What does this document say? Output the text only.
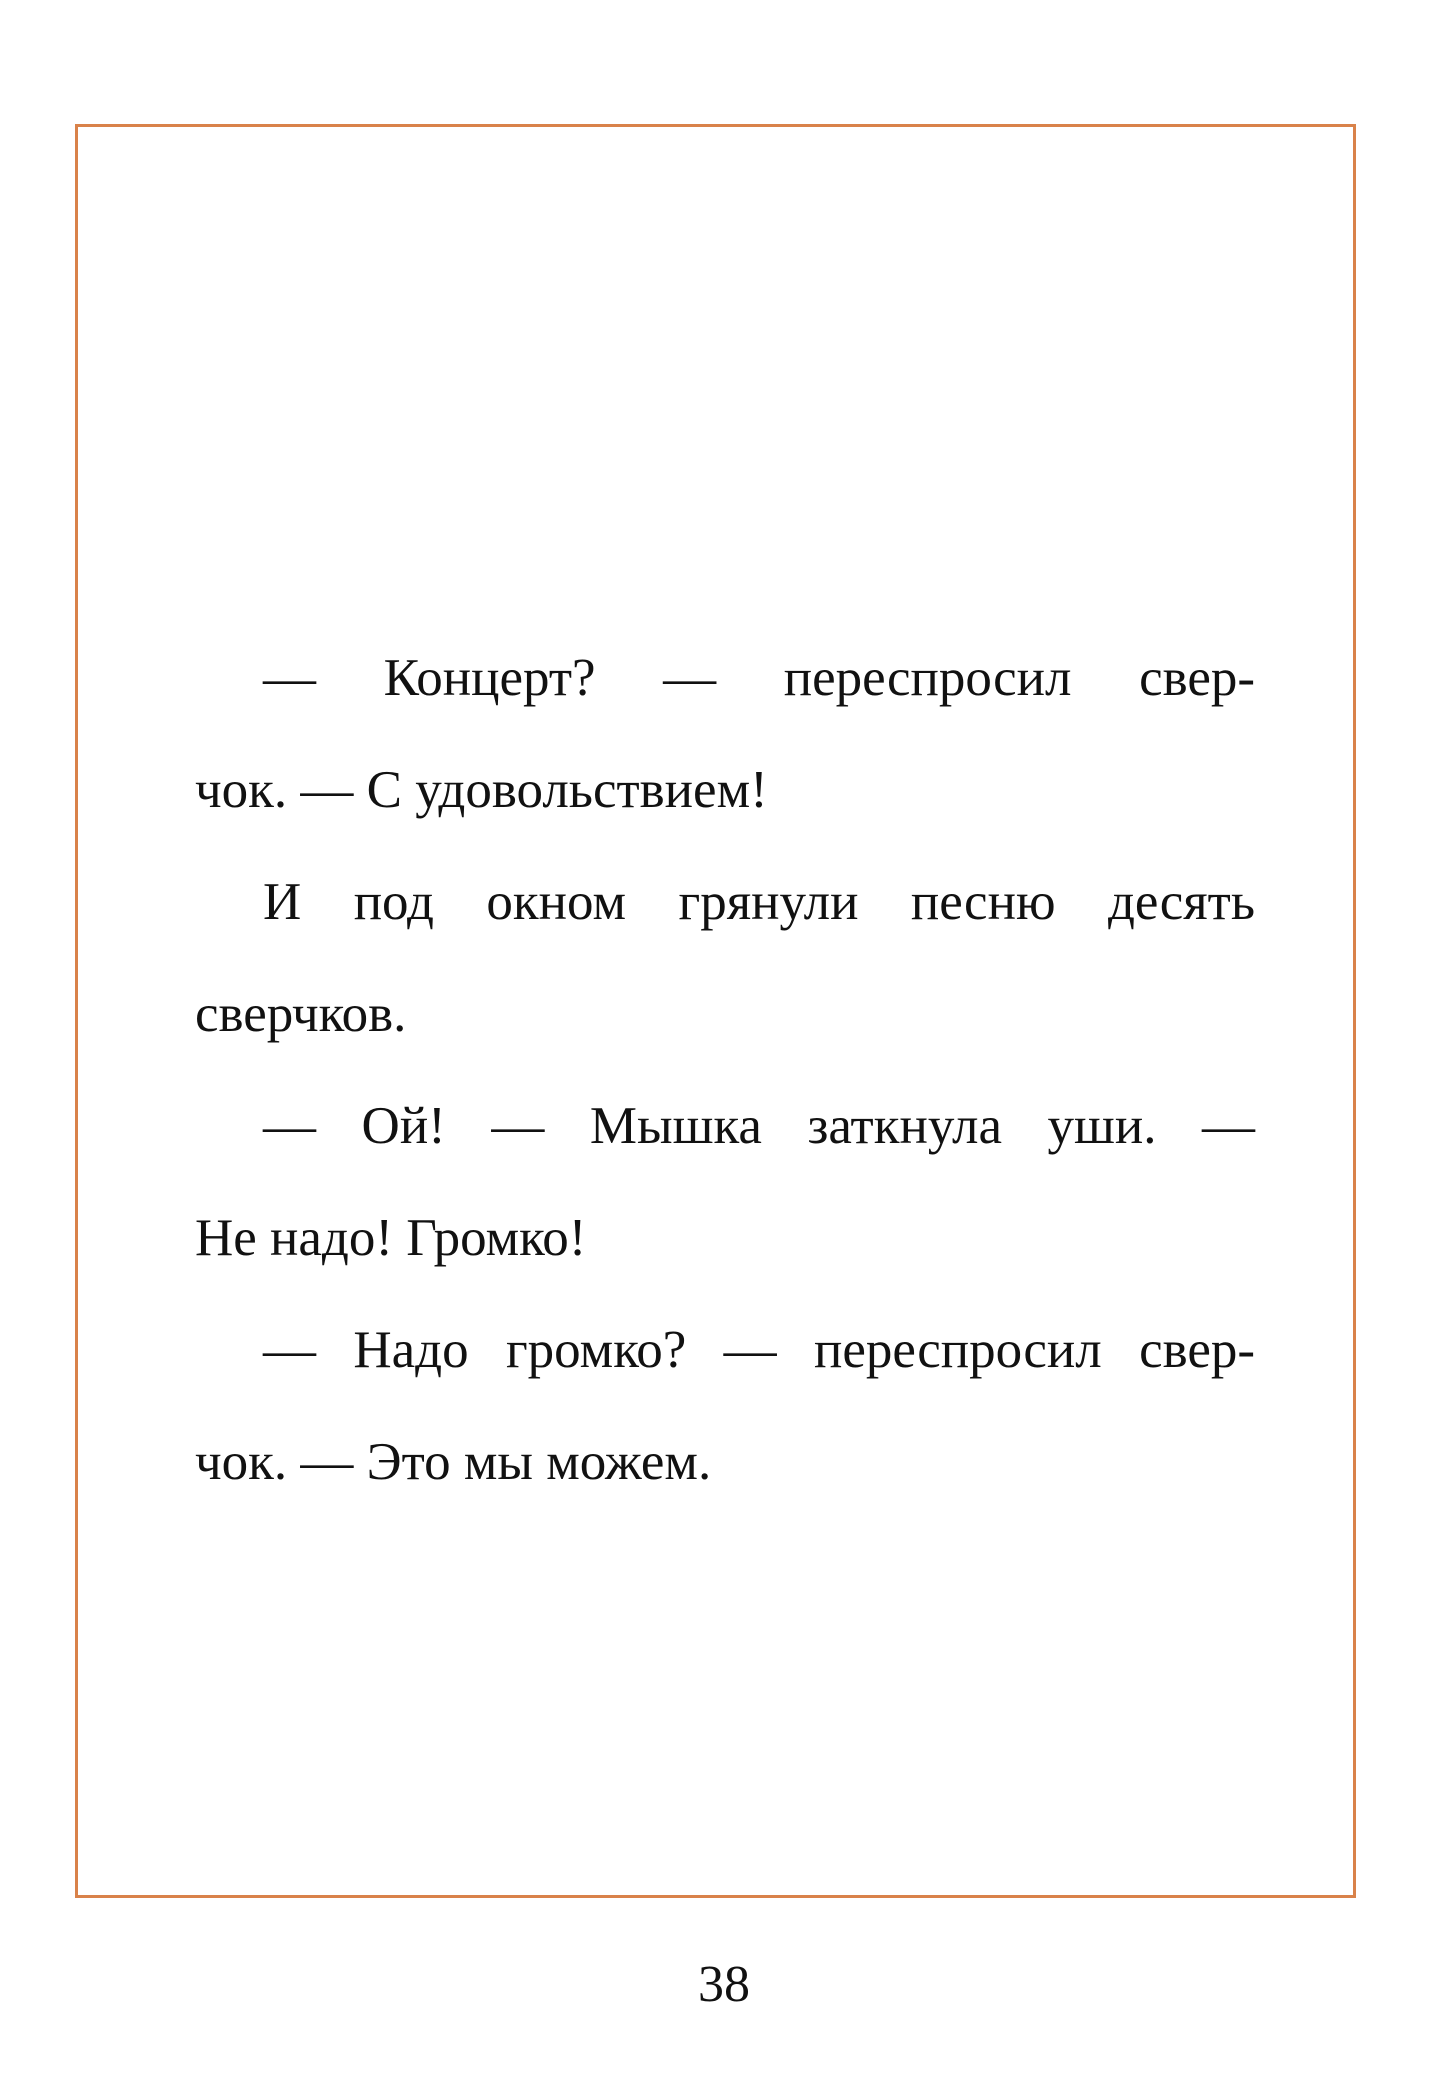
— Концерт? — переспросил свер-
чок. — С удовольствием!

И под окном грянули песню десять
сверчков.

— Ой! — Мышка заткнула уши. —
Не надо! Громко!

— Надо громко? — переспросил свер-
чок. — Это мы можем.

38
